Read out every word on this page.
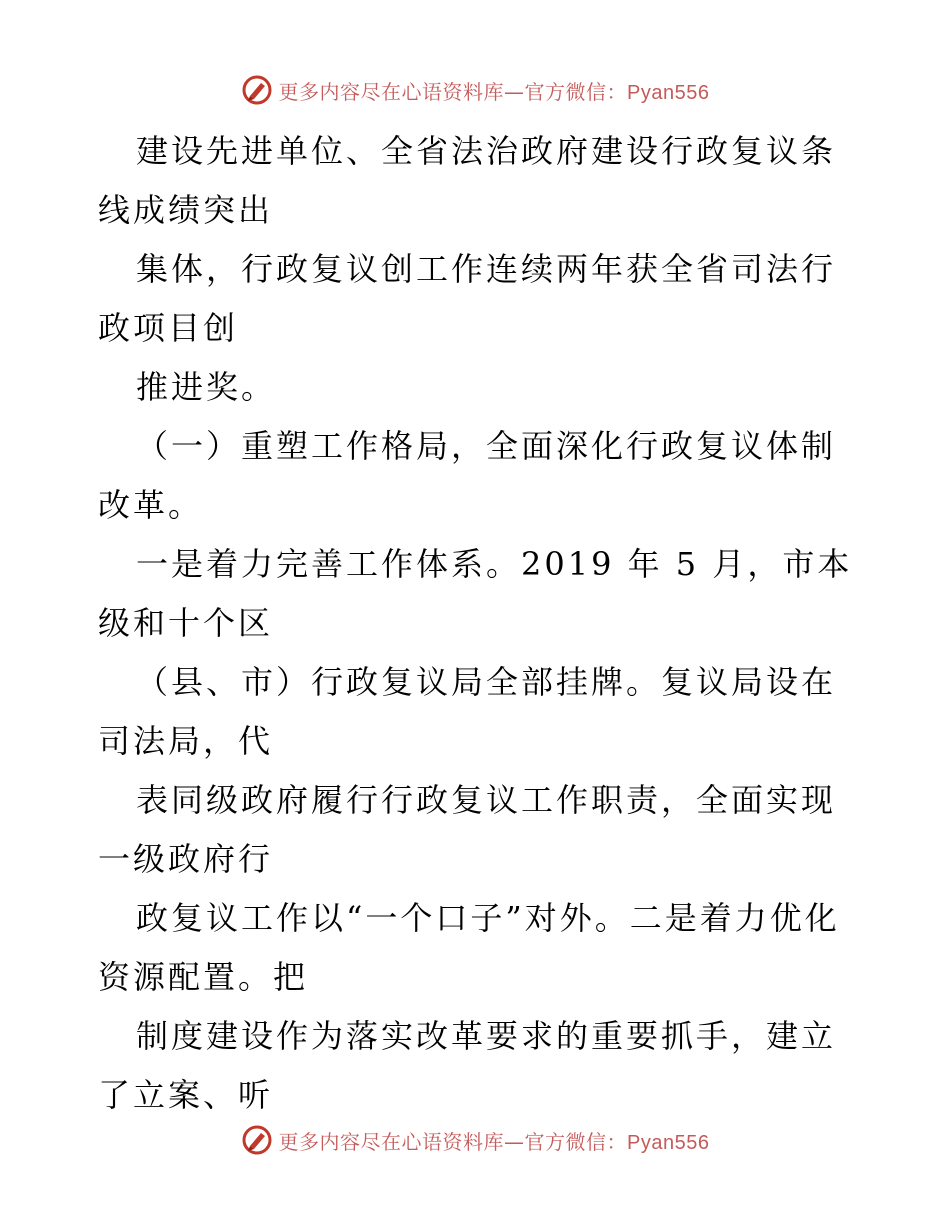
更多内容尽在心语资料库—官方微信：Pyan556

建设先进单位、全省法治政府建设行政复议条线成绩突出

集体，行政复议创工作连续两年获全省司法行政项目创

推进奖。

（一）重塑工作格局，全面深化行政复议体制改革。

一是着力完善工作体系。2019 年 5 月，市本级和十个区

（县、市）行政复议局全部挂牌。复议局设在司法局，代

表同级政府履行行政复议工作职责，全面实现一级政府行

政复议工作以“一个口子”对外。二是着力优化资源配置。把

制度建设作为落实改革要求的重要抓手，建立了立案、听

更多内容尽在心语资料库—官方微信：Pyan556
